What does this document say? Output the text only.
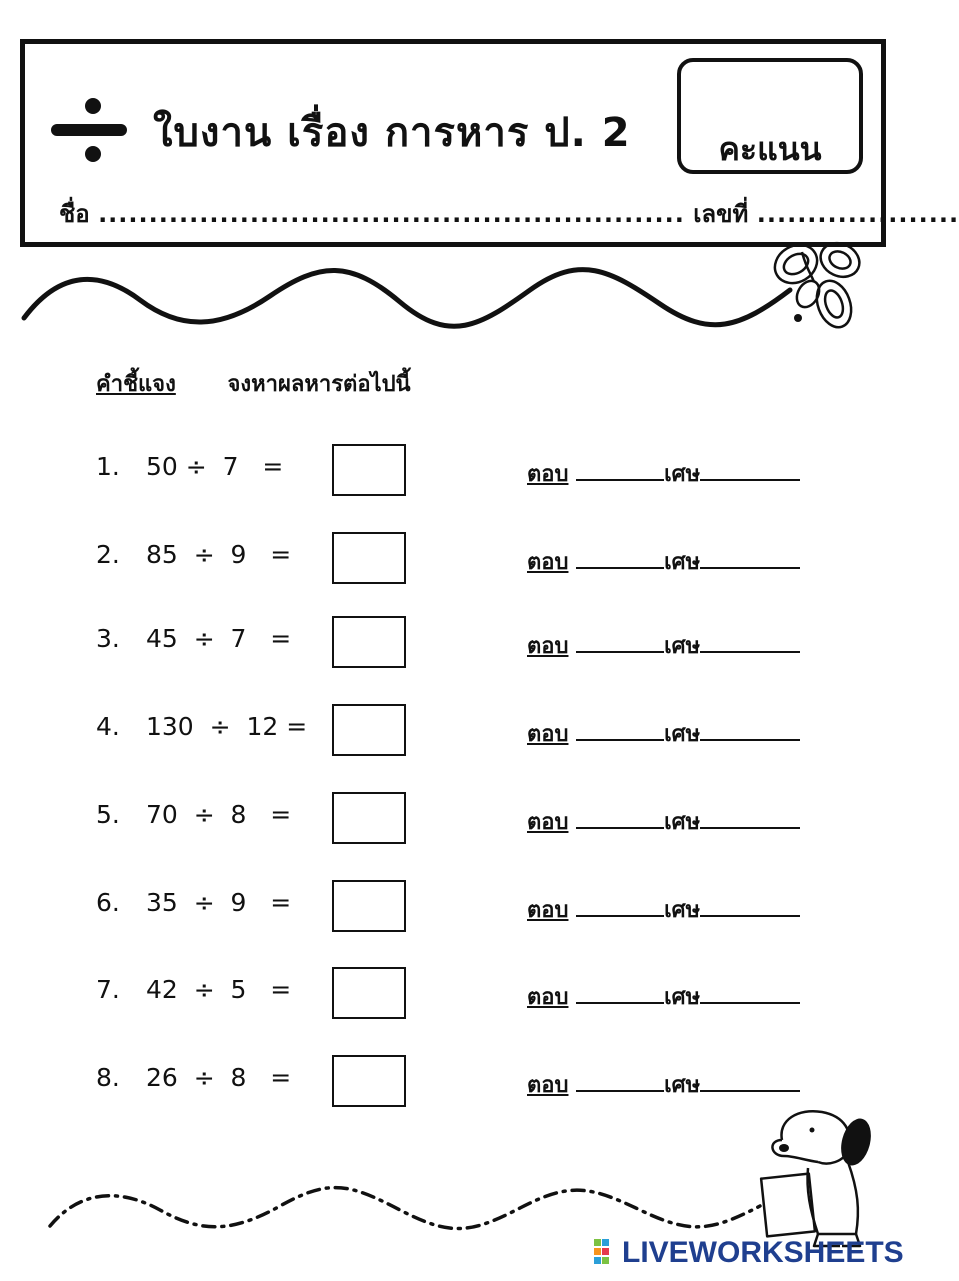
ใบงาน เรื่อง การหาร ป. 2	คะแนน
ชื่อ .......................................................... เลขที่ ....................
คำชี้แจง จงหาผลหารต่อไปนี้
1. 50 ÷  7   =	ตอบ	เศษ
2. 85  ÷  9   =	ตอบ	เศษ
3. 45  ÷  7   =	ตอบ	เศษ
4. 130  ÷  12 =	ตอบ	เศษ
5. 70  ÷  8   =	ตอบ	เศษ
6. 35  ÷  9   =	ตอบ	เศษ
7. 42  ÷  5   =	ตอบ	เศษ
8. 26  ÷  8   =	ตอบ	เศษ
LIVEWORKSHEETS
